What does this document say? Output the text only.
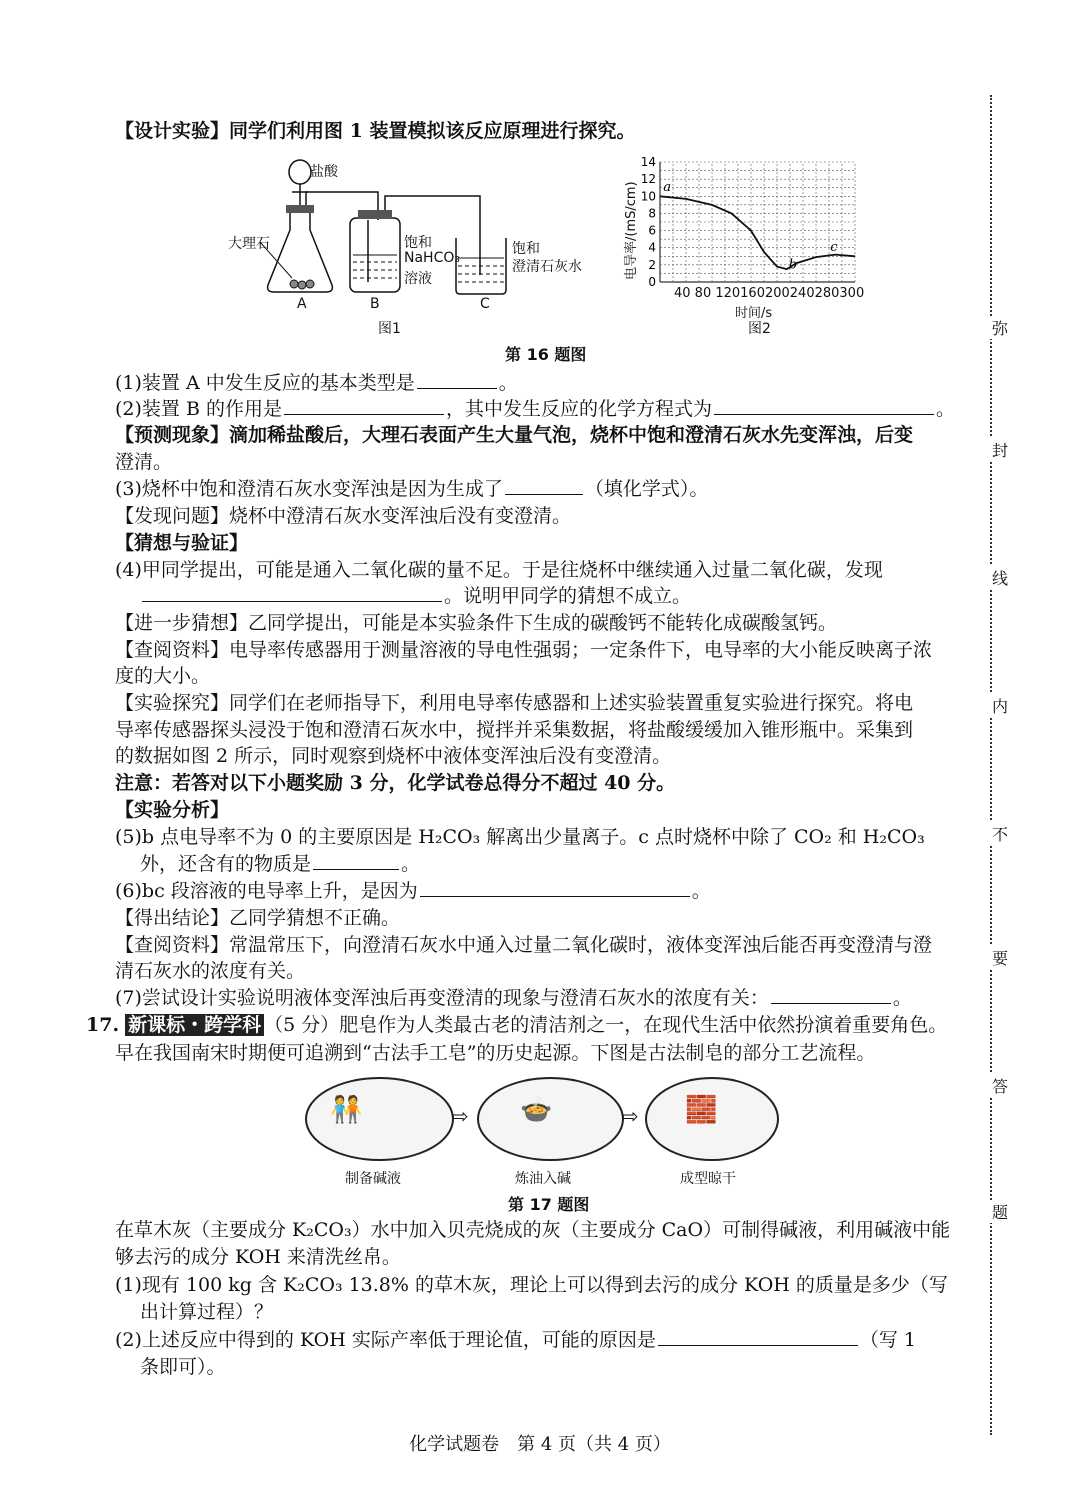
【设计实验】同学们利用图 1 装置模拟该反应原理进行探究。
盐酸
大理石	饱和
NaHCO₃
溶液
饱和
澄清石灰水
A	B	C
图1
0
2
4
6
8
10
12
14
a
b
c
电导率/(mS/cm)
40 80 120160200240280300
时间/s
图2
第 16 题图
(1)装置 A 中发生反应的基本类型是	。
(2)装置 B 的作用是	，其中发生反应的化学方程式为	。
【预测现象】滴加稀盐酸后，大理石表面产生大量气泡，烧杯中饱和澄清石灰水先变浑浊，后变
澄清。
(3)烧杯中饱和澄清石灰水变浑浊是因为生成了	（填化学式）。
【发现问题】烧杯中澄清石灰水变浑浊后没有变澄清。
【猜想与验证】
(4)甲同学提出，可能是通入二氧化碳的量不足。于是往烧杯中继续通入过量二氧化碳，发现
。说明甲同学的猜想不成立。
【进一步猜想】乙同学提出，可能是本实验条件下生成的碳酸钙不能转化成碳酸氢钙。
【查阅资料】电导率传感器用于测量溶液的导电性强弱；一定条件下，电导率的大小能反映离子浓
度的大小。
【实验探究】同学们在老师指导下，利用电导率传感器和上述实验装置重复实验进行探究。将电
导率传感器探头浸没于饱和澄清石灰水中，搅拌并采集数据，将盐酸缓缓加入锥形瓶中。采集到
的数据如图 2 所示，同时观察到烧杯中液体变浑浊后没有变澄清。
注意：若答对以下小题奖励 3 分，化学试卷总得分不超过 40 分。
【实验分析】
(5)b 点电导率不为 0 的主要原因是 H₂CO₃ 解离出少量离子。c 点时烧杯中除了 CO₂ 和 H₂CO₃
外，还含有的物质是	。
(6)bc 段溶液的电导率上升，是因为	。
【得出结论】乙同学猜想不正确。
【查阅资料】常温常压下，向澄清石灰水中通入过量二氧化碳时，液体变浑浊后能否再变澄清与澄
清石灰水的浓度有关。
(7)尝试设计实验说明液体变浑浊后再变澄清的现象与澄清石灰水的浓度有关：	。
17. 新课标・跨学科 （5 分）肥皂作为人类最古老的清洁剂之一，在现代生活中依然扮演着重要角色。
早在我国南宋时期便可追溯到“古法手工皂”的历史起源。下图是古法制皂的部分工艺流程。
🧑‍🤝‍🧑	🍲	🧱
⇨	⇨
制备碱液	炼油入碱	成型晾干
第 17 题图
在草木灰（主要成分 K₂CO₃）水中加入贝壳烧成的灰（主要成分 CaO）可制得碱液，利用碱液中能
够去污的成分 KOH 来清洗丝帛。
(1)现有 100 kg 含 K₂CO₃ 13.8% 的草木灰，理论上可以得到去污的成分 KOH 的质量是多少（写
出计算过程）？
(2)上述反应中得到的 KOH 实际产率低于理论值，可能的原因是	（写 1
条即可）。
弥
封
线
内
不
要
答
题
化学试题卷　第 4 页（共 4 页）
